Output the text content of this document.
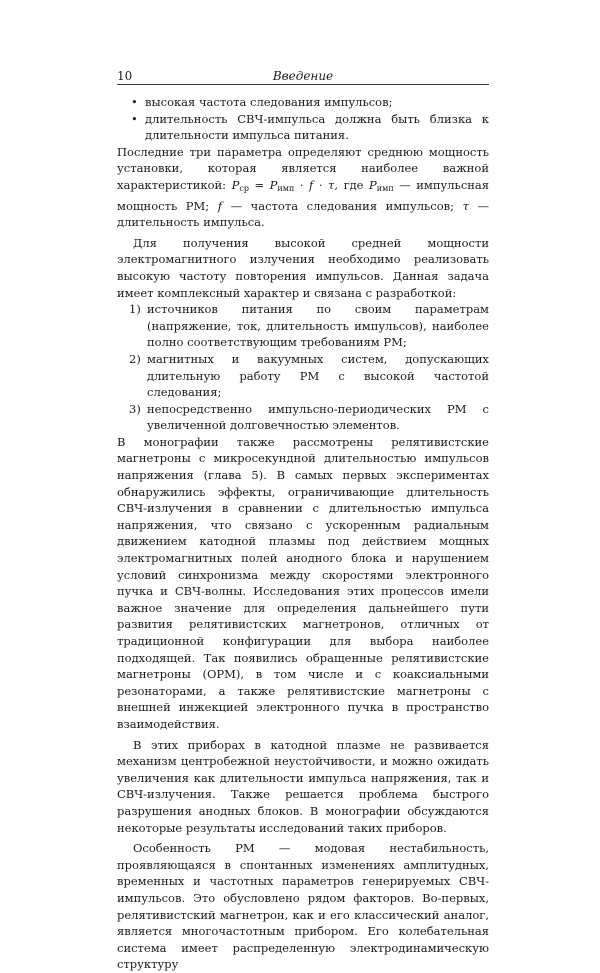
10	Введение
• высокая частота следования импульсов;
• длительность СВЧ-импульса должна быть близка к длительности импульса питания.

Последние три параметра определяют среднюю мощность установки, которая является наиболее важной характеристикой: $P_{ср} = P_{имп} \cdot f \cdot \tau$, где $P_{имп}$ — импульсная мощность РМ; f — частота следования импульсов; τ — длительность импульса.

Для получения высокой средней мощности электромагнитного излучения необходимо реализовать высокую частоту повторения импульсов. Данная задача имеет комплексный характер и связана с разработкой:

1) источников питания по своим параметрам (напряжение, ток, длительность импульсов), наиболее полно соответствующим требованиям РМ;
2) магнитных и вакуумных систем, допускающих длительную работу РМ с высокой частотой следования;
3) непосредственно импульсно-периодических РМ с увеличенной долговечностью элементов.

В монографии также рассмотрены релятивистские магнетроны с микросекундной длительностью импульсов напряжения (глава 5). В самых первых экспериментах обнаружились эффекты, ограничивающие длительность СВЧ-излучения в сравнении с длительностью импульса напряжения, что связано с ускоренным радиальным движением катодной плазмы под действием мощных электромагнитных полей анодного блока и нарушением условий синхронизма между скоростями электронного пучка и СВЧ-волны. Исследования этих процессов имели важное значение для определения дальнейшего пути развития релятивистских магнетронов, отличных от традиционной конфигурации для выбора наиболее подходящей. Так появились обращенные релятивистские магнетроны (ОРМ), в том числе и с коаксиальными резонаторами, а также релятивистские магнетроны с внешней инжекцией электронного пучка в пространство взаимодействия.

В этих приборах в катодной плазме не развивается механизм центробежной неустойчивости, и можно ожидать увеличения как длительности импульса напряжения, так и СВЧ-излучения. Также решается проблема быстрого разрушения анодных блоков. В монографии обсуждаются некоторые результаты исследований таких приборов.

Особенность РМ — модовая нестабильность, проявляющаяся в спонтанных изменениях амплитудных, временных и частотных параметров генерируемых СВЧ-импульсов. Это обусловлено рядом факторов. Во-первых, релятивистский магнетрон, как и его классический аналог, является многочастотным прибором. Его колебательная система имеет распределенную электродинамическую структуру
